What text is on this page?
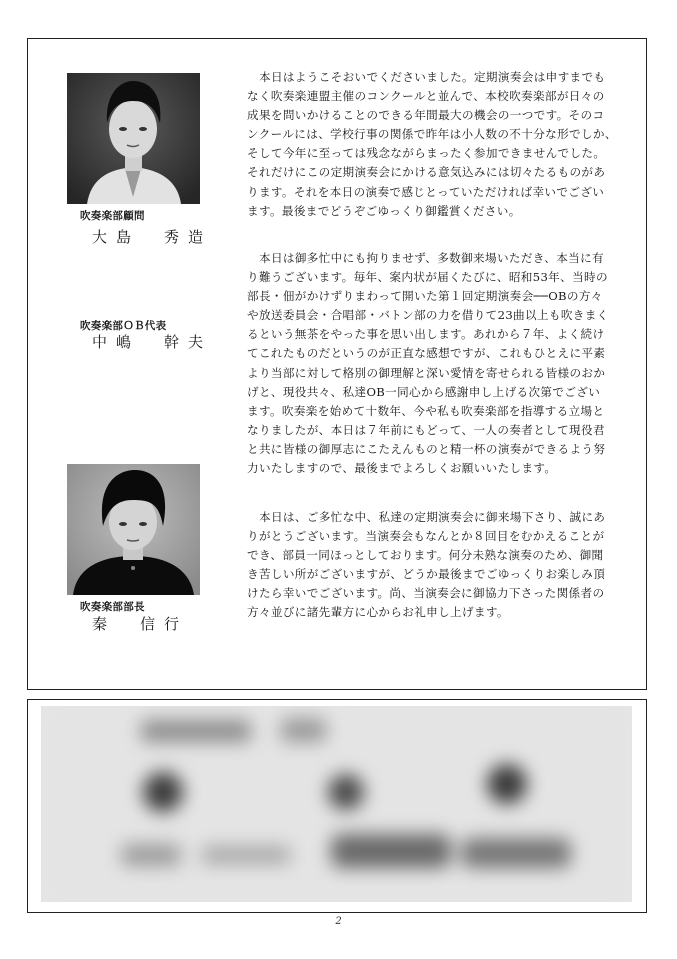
吹奏楽部顧問
大島　秀造
吹奏楽部ＯＢ代表
中嶋　幹夫
吹奏楽部部長
秦　信行
本日はようこそおいでくださいました。定期演奏会は申すまでも
なく吹奏楽連盟主催のコンクールと並んで、本校吹奏楽部が日々の
成果を問いかけることのできる年間最大の機会の一つです。そのコ
ンクールには、学校行事の関係で昨年は小人数の不十分な形でしか、
そして今年に至っては残念ながらまったく参加できませんでした。
それだけにこの定期演奏会にかける意気込みには切々たるものがあ
ります。それを本日の演奏で感じとっていただければ幸いでござい
ます。最後までどうぞごゆっくり御鑑賞ください。
本日は御多忙中にも拘りませず、多数御来場いただき、本当に有
り難うございます。毎年、案内状が届くたびに、昭和53年、当時の
部長・佃がかけずりまわって開いた第１回定期演奏会──OBの方々
や放送委員会・合唱部・バトン部の力を借りて23曲以上も吹きまく
るという無茶をやった事を思い出します。あれから７年、よく続け
てこれたものだというのが正直な感想ですが、これもひとえに平素
より当部に対して格別の御理解と深い愛情を寄せられる皆様のおか
げと、現役共々、私達OB一同心から感謝申し上げる次第でござい
ます。吹奏楽を始めて十数年、今や私も吹奏楽部を指導する立場と
なりましたが、本日は７年前にもどって、一人の奏者として現役君
と共に皆様の御厚志にこたえんものと精一杯の演奏ができるよう努
力いたしますので、最後までよろしくお願いいたします。
本日は、ご多忙な中、私達の定期演奏会に御来場下さり、誠にあ
りがとうございます。当演奏会もなんとか８回目をむかえることが
でき、部員一同ほっとしております。何分未熟な演奏のため、御聞
き苦しい所がございますが、どうか最後までごゆっくりお楽しみ頂
けたら幸いでございます。尚、当演奏会に御協力下さった関係者の
方々並びに諸先輩方に心からお礼申し上げます。
2
